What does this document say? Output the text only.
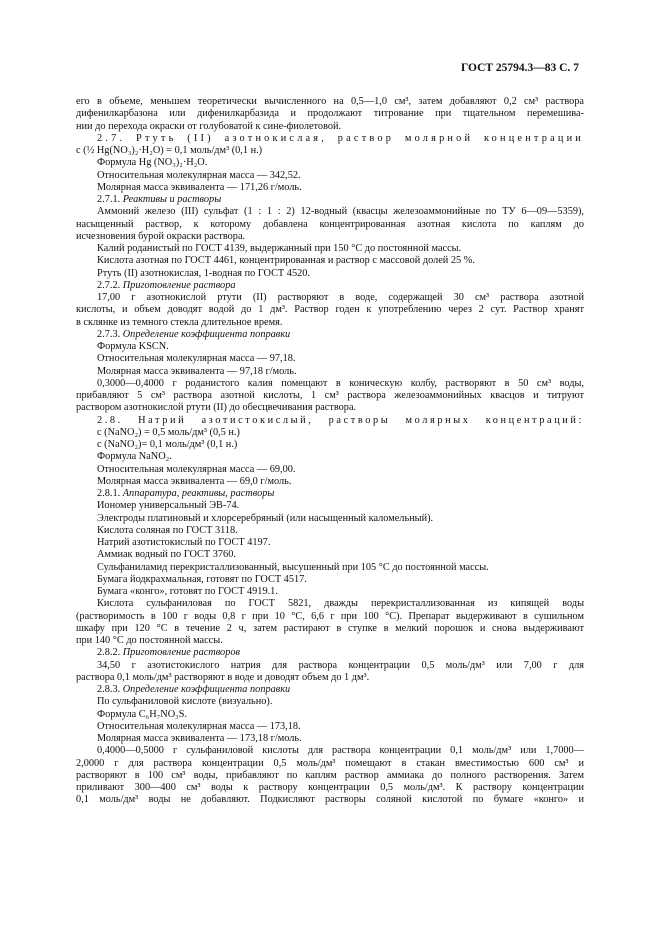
ГОСТ 25794.3—83 С. 7
его в объеме, меньшем теоретически вычисленного на 0,5—1,0 см³, затем добавляют 0,2 см³ раствора
дифенилкарбазона или дифенилкарбазида и продолжают титрование при тщательном перемешива-
нии до перехода окраски от голубоватой к сине-фиолетовой.
2.7. Ртуть (II) азотнокислая, раствор молярной концентрации
c (½ Hg(NO₃)₂·H₂O) = 0,1 моль/дм³ (0,1 н.)
Формула Hg (NO₃)₂·H₂O.
Относительная молекулярная масса — 342,52.
Молярная масса эквивалента — 171,26 г/моль.
2.7.1. Реактивы и растворы
Аммоний железо (III) сульфат (1 : 1 : 2) 12-водный (квасцы железоаммонийные по ТУ 6—09—5359),
насыщенный раствор, к которому добавлена концентрированная азотная кислота по каплям до
исчезновения бурой окраски раствора.
Калий роданистый по ГОСТ 4139, выдержанный при 150 °С до постоянной массы.
Кислота азотная по ГОСТ 4461, концентрированная и раствор с массовой долей 25 %.
Ртуть (II) азотнокислая, 1-водная по ГОСТ 4520.
2.7.2. Приготовление раствора
17,00 г азотнокислой ртути (II) растворяют в воде, содержащей 30 см³ раствора азотной
кислоты, и объем доводят водой до 1 дм³. Раствор годен к употреблению через 2 сут. Раствор хранят
в склянке из темного стекла длительное время.
2.7.3. Определение коэффициента поправки
Формула KSCN.
Относительная молекулярная масса — 97,18.
Молярная масса эквивалента — 97,18 г/моль.
0,3000—0,4000 г роданистого калия помещают в коническую колбу, растворяют в 50 см³ воды,
прибавляют 5 см³ раствора азотной кислоты, 1 см³ раствора железоаммонийных квасцов и титруют
раствором азотнокислой ртути (II) до обесцвечивания раствора.
2.8. Натрий азотистокислый, растворы молярных концентраций:
c (NaNO₂) = 0,5 моль/дм³ (0,5 н.)
c (NaNO₂)= 0,1 моль/дм³ (0,1 н.)
Формула NaNO₂.
Относительная молекулярная масса — 69,00.
Молярная масса эквивалента — 69,0 г/моль.
2.8.1. Аппаратура, реактивы, растворы
Иономер универсальный ЭВ-74.
Электроды платиновый и хлорсеребряный (или насыщенный каломельный).
Кислота соляная по ГОСТ 3118.
Натрий азотистокислый по ГОСТ 4197.
Аммиак водный по ГОСТ 3760.
Сульфаниламид перекристаллизованный, высушенный при 105 °С до постоянной массы.
Бумага йодкрахмальная, готовят по ГОСТ 4517.
Бумага «конго», готовят по ГОСТ 4919.1.
Кислота сульфаниловая по ГОСТ 5821, дважды перекристаллизованная из кипящей воды
(растворимость в 100 г воды 0,8 г при 10 °С, 6,6 г при 100 °С). Препарат выдерживают в сушильном
шкафу при 120 °С в течение 2 ч, затем растирают в ступке в мелкий порошок и снова выдерживают
при 140 °С до постоянной массы.
2.8.2. Приготовление растворов
34,50 г азотистокислого натрия для раствора концентрации 0,5 моль/дм³ или 7,00 г для
раствора 0,1 моль/дм³ растворяют в воде и доводят объем до 1 дм³.
2.8.3. Определение коэффициента поправки
По сульфаниловой кислоте (визуально).
Формула C₆H₇NO₃S.
Относительная молекулярная масса — 173,18.
Молярная масса эквивалента — 173,18 г/моль.
0,4000—0,5000 г сульфаниловой кислоты для раствора концентрации 0,1 моль/дм³ или 1,7000—
2,0000 г для раствора концентрации 0,5 моль/дм³ помещают в стакан вместимостью 600 см³ и
растворяют в 100 см³ воды, прибавляют по каплям раствор аммиака до полного растворения. Затем
приливают 300—400 см³ воды к раствору концентрации 0,5 моль/дм³. К раствору концентрации
0,1 моль/дм³ воды не добавляют. Подкисляют растворы соляной кислотой по бумаге «конго» и
